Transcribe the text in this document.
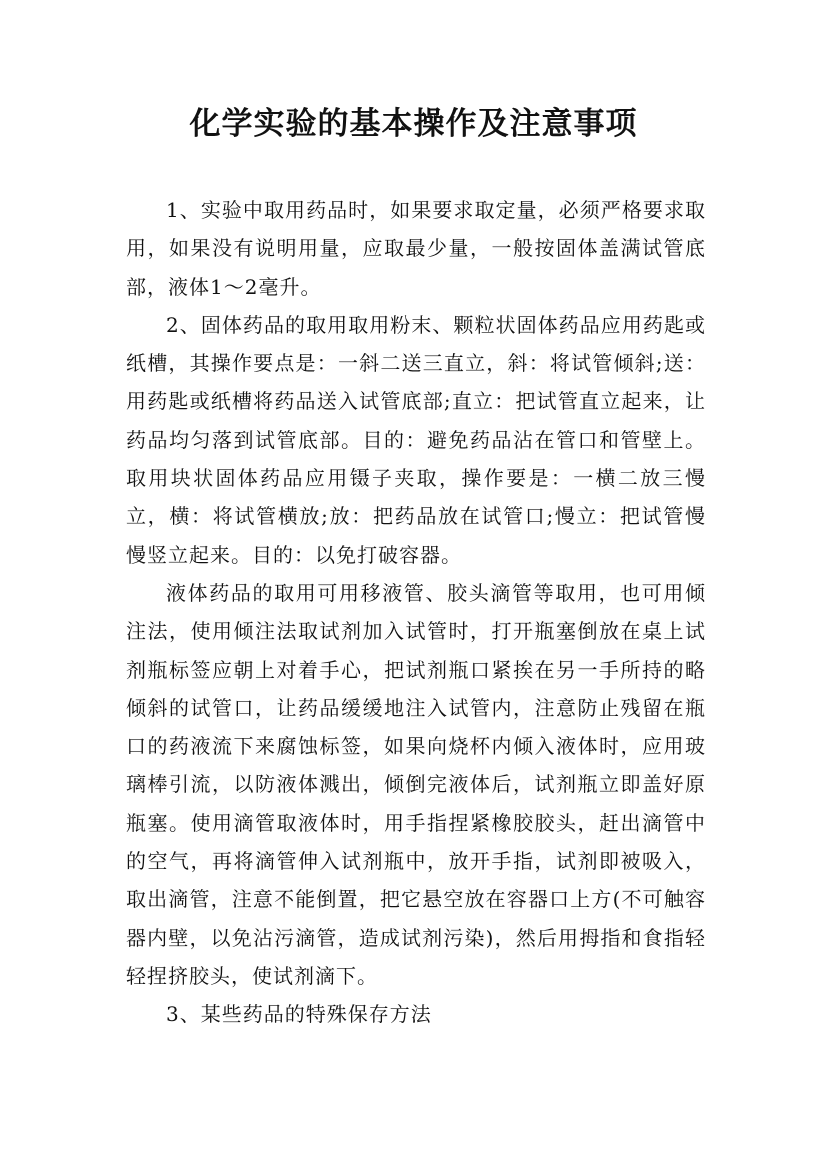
化学实验的基本操作及注意事项

1、实验中取用药品时，如果要求取定量，必须严格要求取用，如果没有说明用量，应取最少量，一般按固体盖满试管底部，液体1～2毫升。

2、固体药品的取用取用粉末、颗粒状固体药品应用药匙或纸槽，其操作要点是：一斜二送三直立，斜：将试管倾斜;送：用药匙或纸槽将药品送入试管底部;直立：把试管直立起来，让药品均匀落到试管底部。目的：避免药品沾在管口和管壁上。取用块状固体药品应用镊子夹取，操作要是：一横二放三慢立，横：将试管横放;放：把药品放在试管口;慢立：把试管慢慢竖立起来。目的：以免打破容器。

液体药品的取用可用移液管、胶头滴管等取用，也可用倾注法，使用倾注法取试剂加入试管时，打开瓶塞倒放在桌上试剂瓶标签应朝上对着手心，把试剂瓶口紧挨在另一手所持的略倾斜的试管口，让药品缓缓地注入试管内，注意防止残留在瓶口的药液流下来腐蚀标签，如果向烧杯内倾入液体时，应用玻璃棒引流，以防液体溅出，倾倒完液体后，试剂瓶立即盖好原瓶塞。使用滴管取液体时，用手指捏紧橡胶胶头，赶出滴管中的空气，再将滴管伸入试剂瓶中，放开手指，试剂即被吸入，取出滴管，注意不能倒置，把它悬空放在容器口上方(不可触容器内壁，以免沾污滴管，造成试剂污染)，然后用拇指和食指轻轻捏挤胶头，使试剂滴下。

3、某些药品的特殊保存方法
